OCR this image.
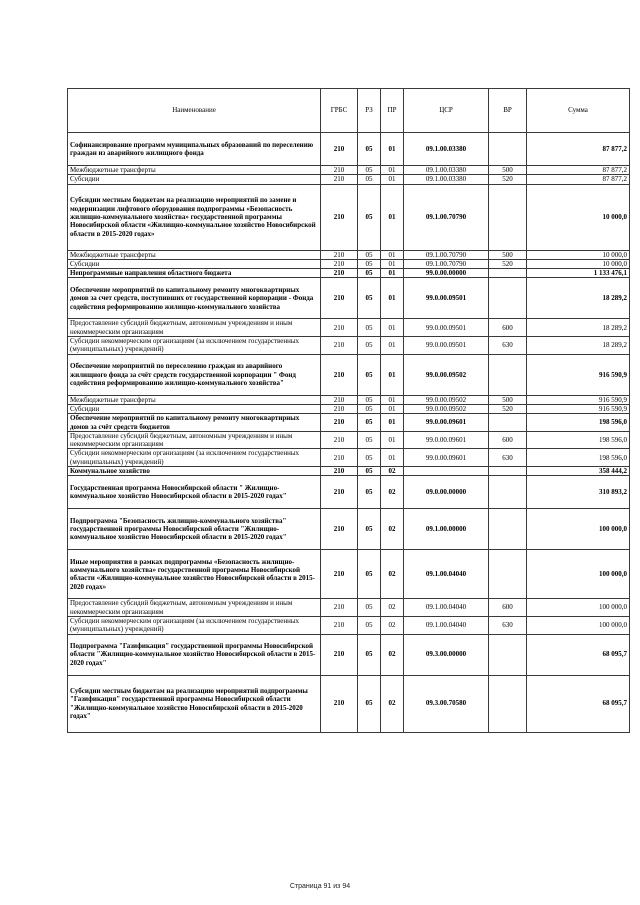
Наименование	ГРБС	РЗ	ПР	ЦСР	ВР	Сумма
Софинансирование программ муниципальных образований по переселению граждан из аварийного жилищного фонда	210	05	01	09.1.00.03380		87 877,2
Межбюджетные трансферты	210	05	01	09.1.00.03380	500	87 877,2
Субсидии	210	05	01	09.1.00.03380	520	87 877,2
Субсидии местным бюджетам на реализацию мероприятий по замене и модернизации лифтового оборудования подпрограммы «Безопасность жилищно-коммунального хозяйства» государственной программы Новосибирской области «Жилищно-коммунальное хозяйство Новосибирской области в 2015-2020 годах»	210	05	01	09.1.00.70790		10 000,0
Межбюджетные трансферты	210	05	01	09.1.00.70790	500	10 000,0
Субсидии	210	05	01	09.1.00.70790	520	10 000,0
Непрограммные направления областного бюджета	210	05	01	99.0.00.00000		1 133 476,1
Обеспечение мероприятий по капитальному ремонту многоквартирных домов за счет средств, поступивших от государственной корпорации - Фонда содействия реформированию жилищно-коммунального хозяйства	210	05	01	99.0.00.09501		18 289,2
Предоставление субсидий бюджетным, автономным учреждениям и иным некоммерческим организациям	210	05	01	99.0.00.09501	600	18 289,2
Субсидии некоммерческим организациям (за исключением государственных (муниципальных) учреждений)	210	05	01	99.0.00.09501	630	18 289,2
Обеспечение мероприятий по переселению граждан из аварийного жилищного фонда за счёт средств государственной корпорации " Фонд содействия реформированию жилищно-коммунального хозяйства"	210	05	01	99.0.00.09502		916 590,9
Межбюджетные трансферты	210	05	01	99.0.00.09502	500	916 590,9
Субсидии	210	05	01	99.0.00.09502	520	916 590,9
Обеспечение мероприятий по капитальному ремонту многоквартирных домов за счёт средств бюджетов	210	05	01	99.0.00.09601		198 596,0
Предоставление субсидий бюджетным, автономным учреждениям и иным некоммерческим организациям	210	05	01	99.0.00.09601	600	198 596,0
Субсидии некоммерческим организациям (за исключением государственных (муниципальных) учреждений)	210	05	01	99.0.00.09601	630	198 596,0
Коммунальное хозяйство	210	05	02			358 444,2
Государственная программа Новосибирской области " Жилищно-коммунальное хозяйство Новосибирской области в 2015-2020 годах"	210	05	02	09.0.00.00000		310 893,2
Подпрограмма "Безопасность жилищно-коммунального хозяйства" государственной программы Новосибирской области "Жилищно-коммунальное хозяйство Новосибирской области в 2015-2020 годах"	210	05	02	09.1.00.00000		100 000,0
Иные мероприятия в рамках подпрограммы «Безопасность жилищно-коммунального хозяйства» государственной программы Новосибирской области «Жилищно-коммунальное хозяйство Новосибирской области в 2015-2020 годах»	210	05	02	09.1.00.04040		100 000,0
Предоставление субсидий бюджетным, автономным учреждениям и иным некоммерческим организациям	210	05	02	09.1.00.04040	600	100 000,0
Субсидии некоммерческим организациям (за исключением государственных (муниципальных) учреждений)	210	05	02	09.1.00.04040	630	100 000,0
Подпрограмма "Газификация" государственной программы Новосибирской области "Жилищно-коммунальное хозяйство Новосибирской области в 2015-2020 годах"	210	05	02	09.3.00.00000		68 095,7
Субсидии местным бюджетам на реализацию мероприятий подпрограммы "Газификация" государственной программы Новосибирской области "Жилищно-коммунальное хозяйство Новосибирской области в 2015-2020 годах"	210	05	02	09.3.00.70580		68 095,7
Страница 91 из 94
